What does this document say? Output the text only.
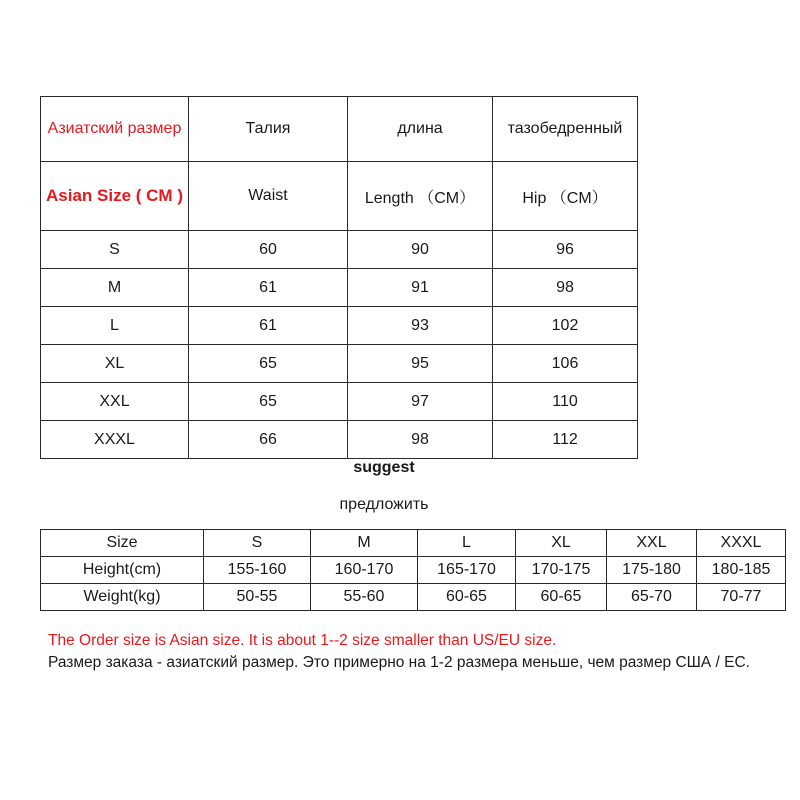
Азиатский размер	Талия	длина	тазобедренный
Asian Size ( CM )	Waist	Length （CM）	Hip （CM）
S	60	90	96
M	61	91	98
L	61	93	102
XL	65	95	106
XXL	65	97	110
XXXL	66	98	112
suggest
предложить
Size	S	M	L	XL	XXL	XXXL
Height(cm)	155-160	160-170	165-170	170-175	175-180	180-185
Weight(kg)	50-55	55-60	60-65	60-65	65-70	70-77
The Order size is Asian size. It is about 1--2 size smaller than US/EU size.
Размер заказа - азиатский размер. Это примерно на 1-2 размера меньше, чем размер США / ЕС.
